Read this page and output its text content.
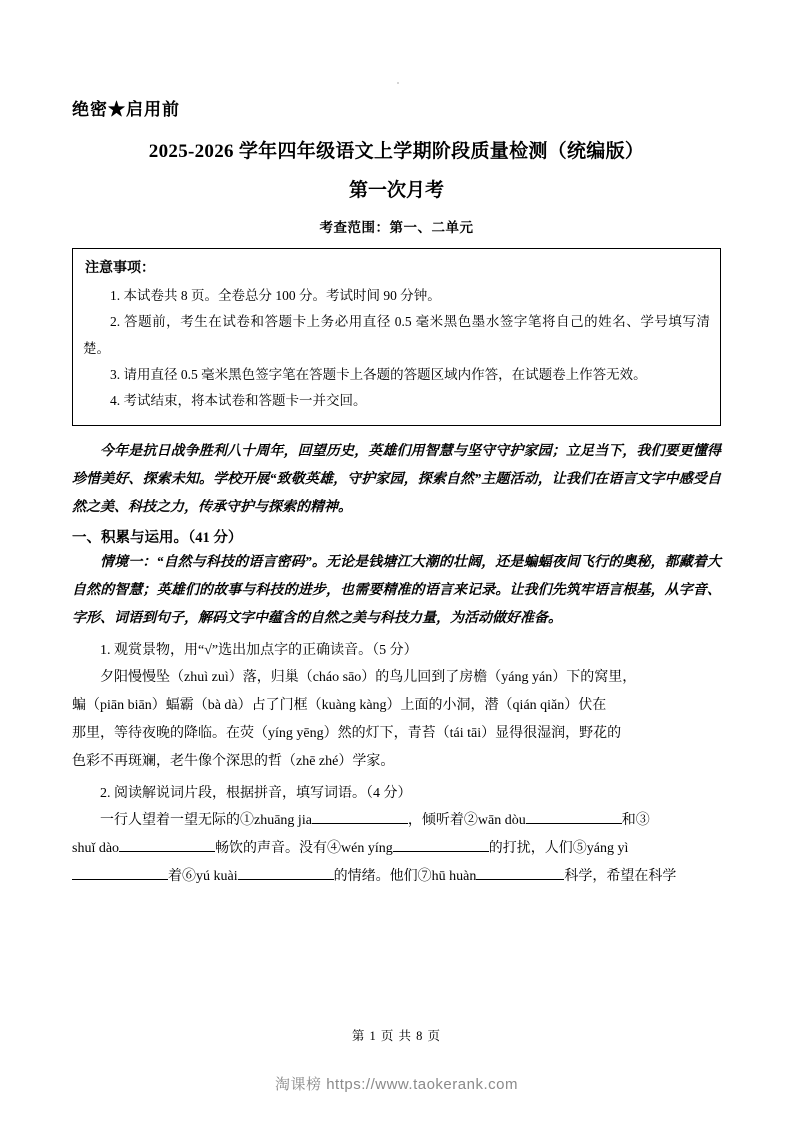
绝密★启用前
2025-2026 学年四年级语文上学期阶段质量检测（统编版）
第一次月考
考查范围：第一、二单元
注意事项：

1. 本试卷共 8 页。全卷总分 100 分。考试时间 90 分钟。

2. 答题前，考生在试卷和答题卡上务必用直径 0.5 毫米黑色墨水签字笔将自己的姓名、学号填写清楚。

3. 请用直径 0.5 毫米黑色签字笔在答题卡上各题的答题区域内作答，在试题卷上作答无效。

4. 考试结束，将本试卷和答题卡一并交回。

今年是抗日战争胜利八十周年，回望历史，英雄们用智慧与坚守守护家园；立足当下，我们要更懂得珍惜美好、探索未知。学校开展“致敬英雄，守护家园，探索自然”主题活动，让我们在语言文字中感受自然之美、科技之力，传承守护与探索的精神。

一、积累与运用。（41 分）

情境一：“自然与科技的语言密码”。无论是钱塘江大潮的壮阔，还是蝙蝠夜间飞行的奥秘，都藏着大自然的智慧；英雄们的故事与科技的进步，也需要精准的语言来记录。让我们先筑牢语言根基，从字音、字形、词语到句子，解码文字中蕴含的自然之美与科技力量，为活动做好准备。

1. 观赏景物，用“√”选出加点字的正确读音。（5 分）

夕阳慢慢坠（zhuì zuì）落，归巢（cháo sāo）的鸟儿回到了房檐（yáng yán）下的窝里，

蝙（piān biān）蝠霸（bà dà）占了门框（kuàng kàng）上面的小洞，潜（qián qiǎn）伏在

那里，等待夜晚的降临。在荧（yíng yēng）然的灯下，青苔（tái tāi）显得很湿润，野花的

色彩不再斑斓，老牛像个深思的哲（zhē zhé）学家。

2. 阅读解说词片段，根据拼音，填写词语。（4 分）

一行人望着一望无际的①zhuāng jia	，倾听着②wān dòu	和③

shuǐ dào	畅饮的声音。没有④wén yíng	的打扰，人们⑤yáng yì

着⑥yú kuài	的情绪。他们⑦hū huàn	科学，希望在科学

第 1 页 共 8 页
淘课榜 https://www.taokerank.com
